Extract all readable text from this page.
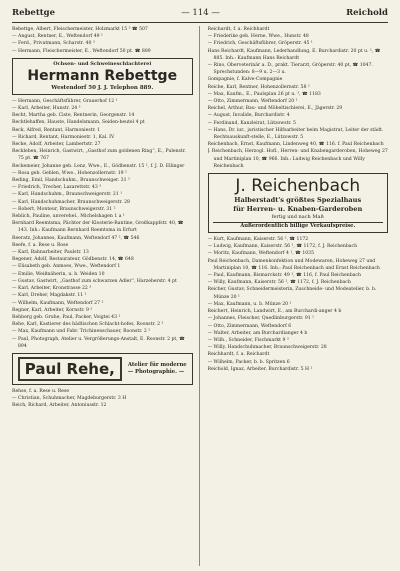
Rebettge	— 114 —	Reichold

Rebettge, Albert, Fleischermeister, Holzmarkt 15 ³ ☎ 507

— Angust, Rentner, E., Weftendorf 49 ¹

— Ferd., Privatmann, Scharstr. 40 ³

— Hermann, Fleischermeister, E., Weftendorf 50 pt. ☎ 889

Ochsen- und Schweineschlachterei
Hermann Rebettge
Westendorf 50 J. J. Telephon 889.

— Hermann, Geschäftsführer, Grauerhof 12 ¹

— Karl, Arbeiter, Hunstr. 24 ³

Recht, Martha geb. Ciste, Rentnerin, Georgenstr. 14

Rechtlehaffen, Hauste, Handelsmann, Seiden-beutel 4 pt

Reck, Alfred, Rentant, Harmoniestr. 1

— Richard, Rentant, Harmoniestr. 1, Kal. IV

Recke, Adolf, Arbeiter, Lambertstr. 27

Reckleben, Heinrich, Gastwirt, „Gasthof zum goldenen Ring“, E., Pulenstr. 75 pt. ☎ 767

Reckemeier, Johanne geb. Lenz, Wwe., E., Gödbenstr. 15 ¹, f. J. D. Ellinger

— Rosa geb. Gehlen, Wwe., Hohenzollernstr. 19 ²

Reding, Emil, Handschuhm., Braunschweiger. 31 ²

— Friedrich, Trecher, Lazarettstr. 43 ³

— Karl, Handschuhm., Braunschweigerstr. 21 ¹

— Karl, Handschuhmacher, Braunschweigerstr. 28

— Robert, Monteur, Braunschweigerstr. 31 ²

Reblich, Pauline, unverehel., Michelshagen 1 a ¹

Bernhard Reemtsma, Pächter der Klosterie-Rantine, Großkappfstr. 40, ☎ 143. Inh.: Kaufmann Bernhard Reemtsma in Erfurt

Reeratz, Johannes, Kaufmann, Weftendorf 47 ², ☎ 546

Reefe, f. a. Rese u. Rose

— Karl, Bahnarbeiter, Paulstr. 13

Regener, Adolf, Restaurateur, Gödbenstr. 14, ☎ 648

— Elisabeth geb. Anmoes, Wwe., Weftendorf 1

— Emilie, Weißnäherin, u. b. Weiden 10

— Gustav, Gastwirt, „Gasthof zum schwarzen Adler“, Harzeberstr. 4 pt

— Karl, Arbeiter, Kronstrasse 22 ³

— Karl, Dreher, Magdakstr. 11 ¹

— Wilhelm, Kaufmann, Weftendorf 27 ²

Regner, Karl, Arbeiter, Kornstr. 9 ²

Rehberg geb. Gruhe, Paul, Packer, Voigtei 43 ¹

Rehe, Karl, Kastierer des hädtischen Schlacht-hofes, Roonstr. 2 ²

— Max, Kaufmann und Fabr. Trichinenschauer, Roonstr. 2 ²

— Paul, Photograph, Atelier u. Vergrößerungs-Anstalt, E. Roonstr. 2 pt, ☎ 894

Paul Rehe,	Atelier für moderne
— Photographie. —

Rehse, f. a. Rese u. Rese

— Christian, Schuhmacher, Magdeburgerstr. 3 H

Reich, Richard, Arbeiter, Antoniusstr. 12

Reichardt, f. a. Reichhardt

— Friederike geb. Herne, Wwe., Hunstr. 48

— Friedrich, Geschäftsführer, Gröperstr. 45 ¹

Hans Reichardt, Kaufmann, Lederhandlung, E. Burchardistr. 20 pt u. ¹, ☎ 885. Inh.: Kaufmann Hans Reichardt

— Rino, Oberveterinär a. D., prakt. Tierarzt, Gröperstr. 40 pt, ☎ 1047. Sprechstunden: 8—9 u. 2—3 u.

Gompagnie, f. Kalve-Compagnie

Reiche, Karl, Rentner, Hohenzollernstr. 58 ²

— Max, Kaufm., E., Paulsplan 26 pt u. ³, ☎ 1183

— Otto, Zimmermann, Weftendorf 20 ¹

Reichel, Arthur, Bau- und Möbeltischlerei, E., Jägerstr. 29

— August, Invalide, Burchardistr. 4

— Ferdinand, Kanzleirat, Lützowstr. 5

— Hans, Dr. iur., juristischer Hilfsarbeiter beim Magistrat, Leiter der städt. Rechtsauskunft-stelle, E., Lützowstr. 5

Reichenbach, Ernst, Kaufmann, Lindenweg 40, ☎ 116. f. Paul Reichenbach

J. Reichenbach, Herzogl. Hofl., Herren- und Knabengarderoben, Hoheweg 27 und Martiniplan 10, ☎ 966. Inh.: Ludwig Reichenbach und Willy Reichenbach

J. Reichenbach
Halberstadt's größtes Spezialhaus
für Herren- u. Knaben-Garderoben
fertig und nach Maß
Außerordentlich billige Verkaufspreise.

— Kurt, Kaufmann, Kaiserstr. 56 ², ☎ 1172

— Ludwig, Kaufmann, Kaiserstr. 56 ¹, ☎ 1172, f. J. Reichenbach

— Moritz, Kaufmann, Weftendorf 4 ¹, ☎ 1035

Paul Reichenbach, Damenkonfektion und Modewaren, Hoheweg 27 und Martiniplan 10, ☎ 116. Inh.: Paul Reichenbach und Ernst Reichenbach

— Paul, Kaufmann, Bismarckstr. 49 ¹, ☎ 116, f. Paul Reichenbach

— Willy, Kaufmann, Kaiserstr. 56 ¹, ☎ 1172, f. J. Reichenbach

Reicher, Gustav, Schneidermeisterin, Zuschneide- und Modeatelier, b. b. Münze 20 ¹

— Max, Kaufmann, u. b. Münze 20 ¹

Reichert, Heinrich, Landwirt, E., am Burchardi-anger 4 b

— Johannes, Fleischer, Quedlinburgerstr. 91 ¹

— Otto, Zimmermann, Weftendorf 6

— Walter, Arbeiter, am Burchardianger 4 b

— Wilh., Schneider, Fischmarkt 9 ³

— Willy, Handschuhmacher, Braunschweigerstr. 28

Reichhardt, f. a. Reichardt

— Wilhelm, Packer, b. b. Spritzen 6

Reichold, Ignaz, Arbeiter, Burchardistr. 5 H ¹
